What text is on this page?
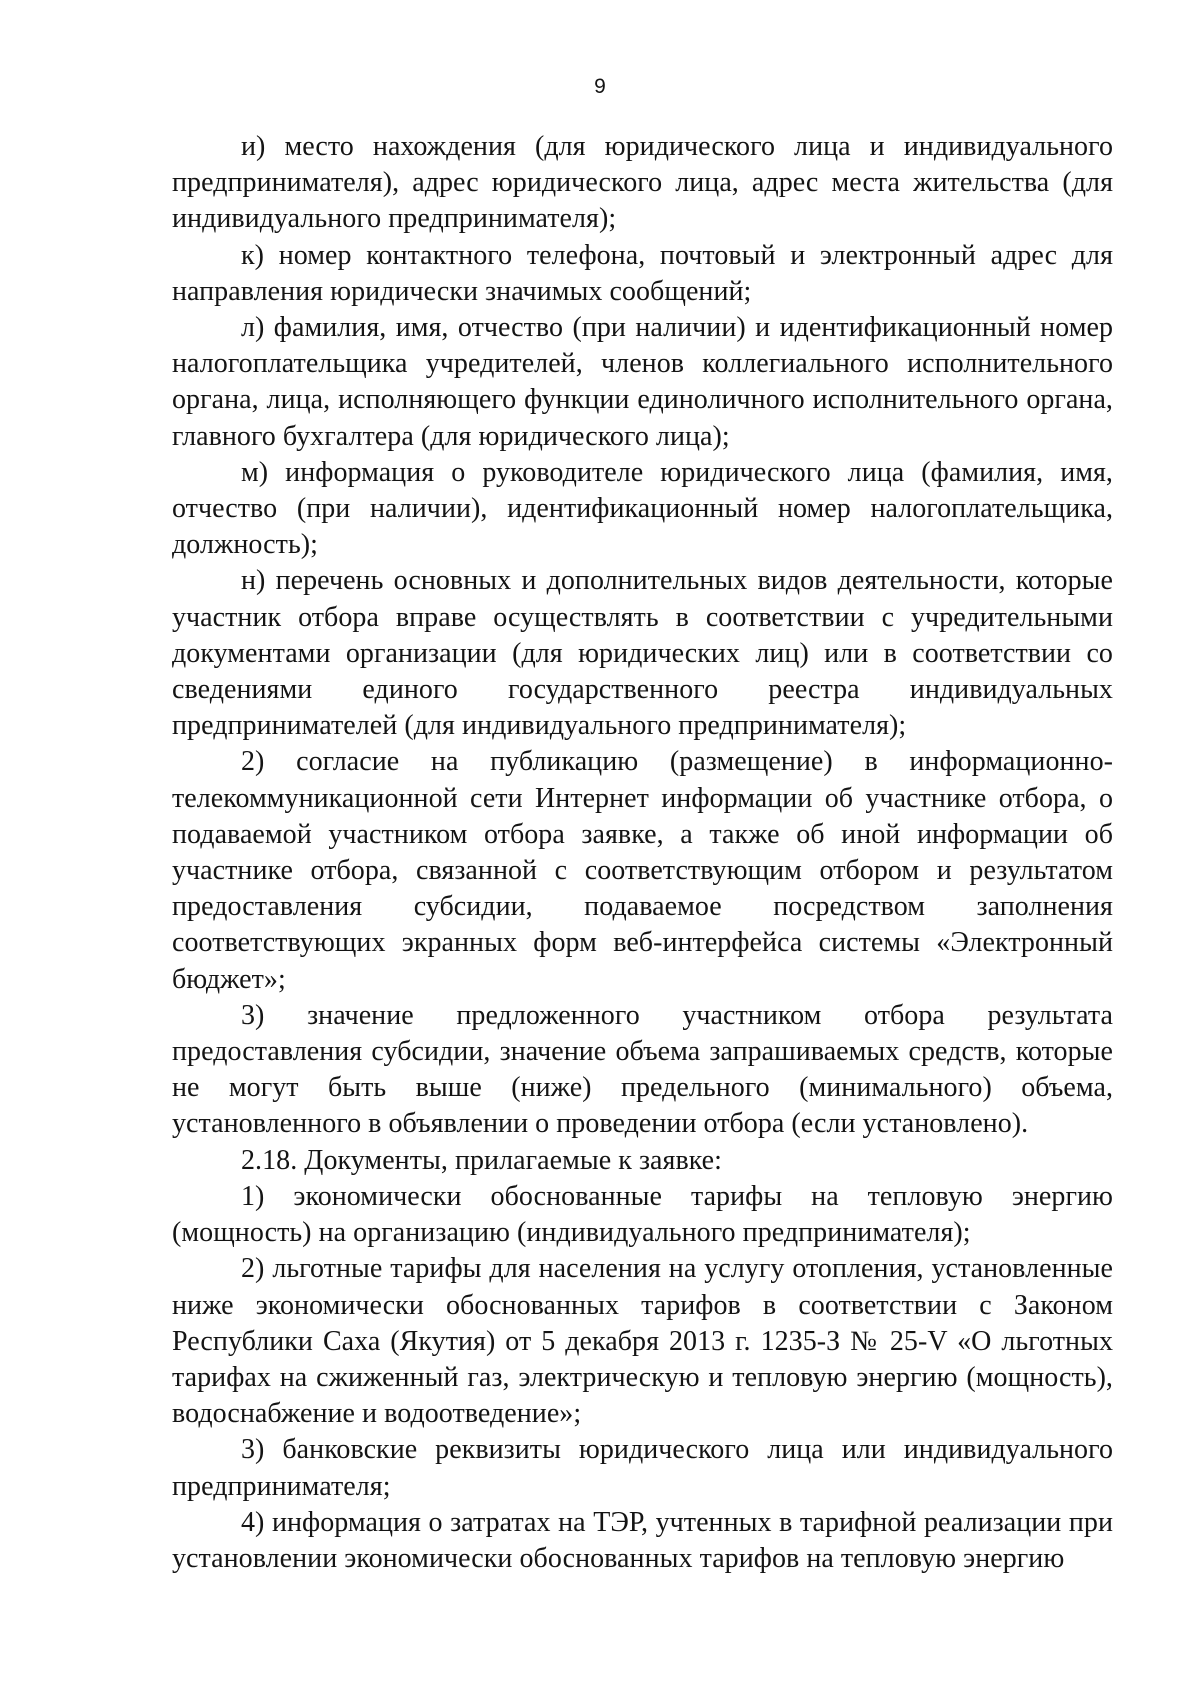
9

и) место нахождения (для юридического лица и индивидуального предпринимателя), адрес юридического лица, адрес места жительства (для индивидуального предпринимателя);

к) номер контактного телефона, почтовый и электронный адрес для направления юридически значимых сообщений;

л) фамилия, имя, отчество (при наличии) и идентификационный номер налогоплательщика учредителей, членов коллегиального исполнительного органа, лица, исполняющего функции единоличного исполнительного органа, главного бухгалтера (для юридического лица);

м) информация о руководителе юридического лица (фамилия, имя, отчество (при наличии), идентификационный номер налогоплательщика, должность);

н) перечень основных и дополнительных видов деятельности, которые участник отбора вправе осуществлять в соответствии с учредительными документами организации (для юридических лиц) или в соответствии со сведениями единого государственного реестра индивидуальных предпринимателей (для индивидуального предпринимателя);

2) согласие на публикацию (размещение) в информационно-телекоммуникационной сети Интернет информации об участнике отбора, о подаваемой участником отбора заявке, а также об иной информации об участнике отбора, связанной с соответствующим отбором и результатом предоставления субсидии, подаваемое посредством заполнения соответствующих экранных форм веб-интерфейса системы «Электронный бюджет»;

3) значение предложенного участником отбора результата предоставления субсидии, значение объема запрашиваемых средств, которые не могут быть выше (ниже) предельного (минимального) объема, установленного в объявлении о проведении отбора (если установлено).

2.18. Документы, прилагаемые к заявке:

1) экономически обоснованные тарифы на тепловую энергию (мощность) на организацию (индивидуального предпринимателя);

2) льготные тарифы для населения на услугу отопления, установленные ниже экономически обоснованных тарифов в соответствии с Законом Республики Саха (Якутия) от 5 декабря 2013 г. 1235-З № 25-V «О льготных тарифах на сжиженный газ, электрическую и тепловую энергию (мощность), водоснабжение и водоотведение»;

3) банковские реквизиты юридического лица или индивидуального предпринимателя;

4) информация о затратах на ТЭР, учтенных в тарифной реализации при установлении экономически обоснованных тарифов на тепловую энергию
